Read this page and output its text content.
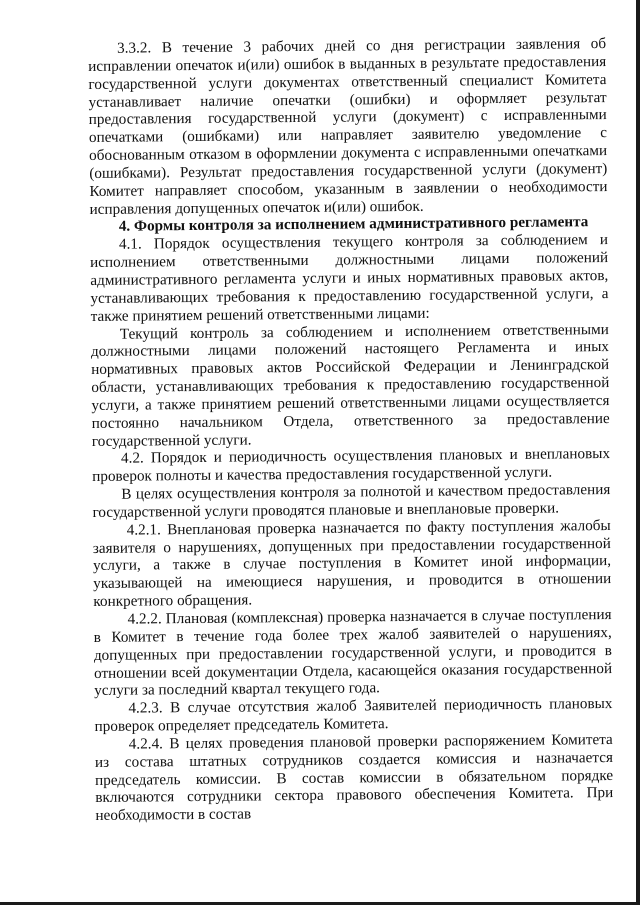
3.3.2. В течение 3 рабочих дней со дня регистрации заявления об исправлении опечаток и(или) ошибок в выданных в результате предоставления государственной услуги документах ответственный специалист Комитета устанавливает наличие опечатки (ошибки) и оформляет результат предоставления государственной услуги (документ) с исправленными опечатками (ошибками) или направляет заявителю уведомление с обоснованным отказом в оформлении документа с исправленными опечатками (ошибками). Результат предоставления государственной услуги (документ) Комитет направляет способом, указанным в заявлении о необходимости исправления допущенных опечаток и(или) ошибок.

4. Формы контроля за исполнением административного регламента

4.1. Порядок осуществления текущего контроля за соблюдением и исполнением ответственными должностными лицами положений административного регламента услуги и иных нормативных правовых актов, устанавливающих требования к предоставлению государственной услуги, а также принятием решений ответственными лицами:

Текущий контроль за соблюдением и исполнением ответственными должностными лицами положений настоящего Регламента и иных нормативных правовых актов Российской Федерации и Ленинградской области, устанавливающих требования к предоставлению государственной услуги, а также принятием решений ответственными лицами осуществляется постоянно начальником Отдела, ответственного за предоставление государственной услуги.

4.2. Порядок и периодичность осуществления плановых и внеплановых проверок полноты и качества предоставления государственной услуги.

В целях осуществления контроля за полнотой и качеством предоставления государственной услуги проводятся плановые и внеплановые проверки.

4.2.1. Внеплановая проверка назначается по факту поступления жалобы заявителя о нарушениях, допущенных при предоставлении государственной услуги, а также в случае поступления в Комитет иной информации, указывающей на имеющиеся нарушения, и проводится в отношении конкретного обращения.

4.2.2. Плановая (комплексная) проверка назначается в случае поступления в Комитет в течение года более трех жалоб заявителей о нарушениях, допущенных при предоставлении государственной услуги, и проводится в отношении всей документации Отдела, касающейся оказания государственной услуги за последний квартал текущего года.

4.2.3. В случае отсутствия жалоб Заявителей периодичность плановых проверок определяет председатель Комитета.

4.2.4. В целях проведения плановой проверки распоряжением Комитета из состава штатных сотрудников создается комиссия и назначается председатель комиссии. В состав комиссии в обязательном порядке включаются сотрудники сектора правового обеспечения Комитета. При необходимости в состав
